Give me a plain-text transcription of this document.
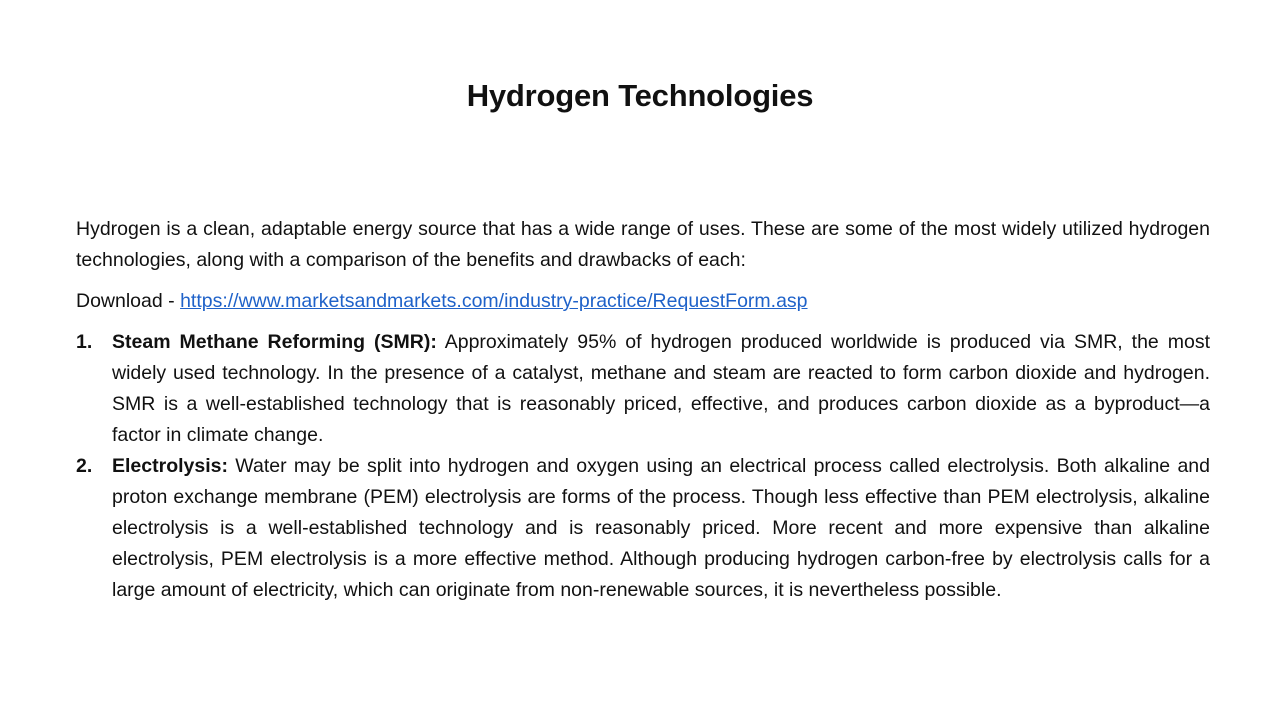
Hydrogen Technologies

Hydrogen is a clean, adaptable energy source that has a wide range of uses. These are some of the most widely utilized hydrogen technologies, along with a comparison of the benefits and drawbacks of each:

Download - https://www.marketsandmarkets.com/industry-practice/RequestForm.asp

1. Steam Methane Reforming (SMR): Approximately 95% of hydrogen produced worldwide is produced via SMR, the most widely used technology. In the presence of a catalyst, methane and steam are reacted to form carbon dioxide and hydrogen. SMR is a well-established technology that is reasonably priced, effective, and produces carbon dioxide as a byproduct—a factor in climate change.
2. Electrolysis: Water may be split into hydrogen and oxygen using an electrical process called electrolysis. Both alkaline and proton exchange membrane (PEM) electrolysis are forms of the process. Though less effective than PEM electrolysis, alkaline electrolysis is a well-established technology and is reasonably priced. More recent and more expensive than alkaline electrolysis, PEM electrolysis is a more effective method. Although producing hydrogen carbon-free by electrolysis calls for a large amount of electricity, which can originate from non-renewable sources, it is nevertheless possible.
